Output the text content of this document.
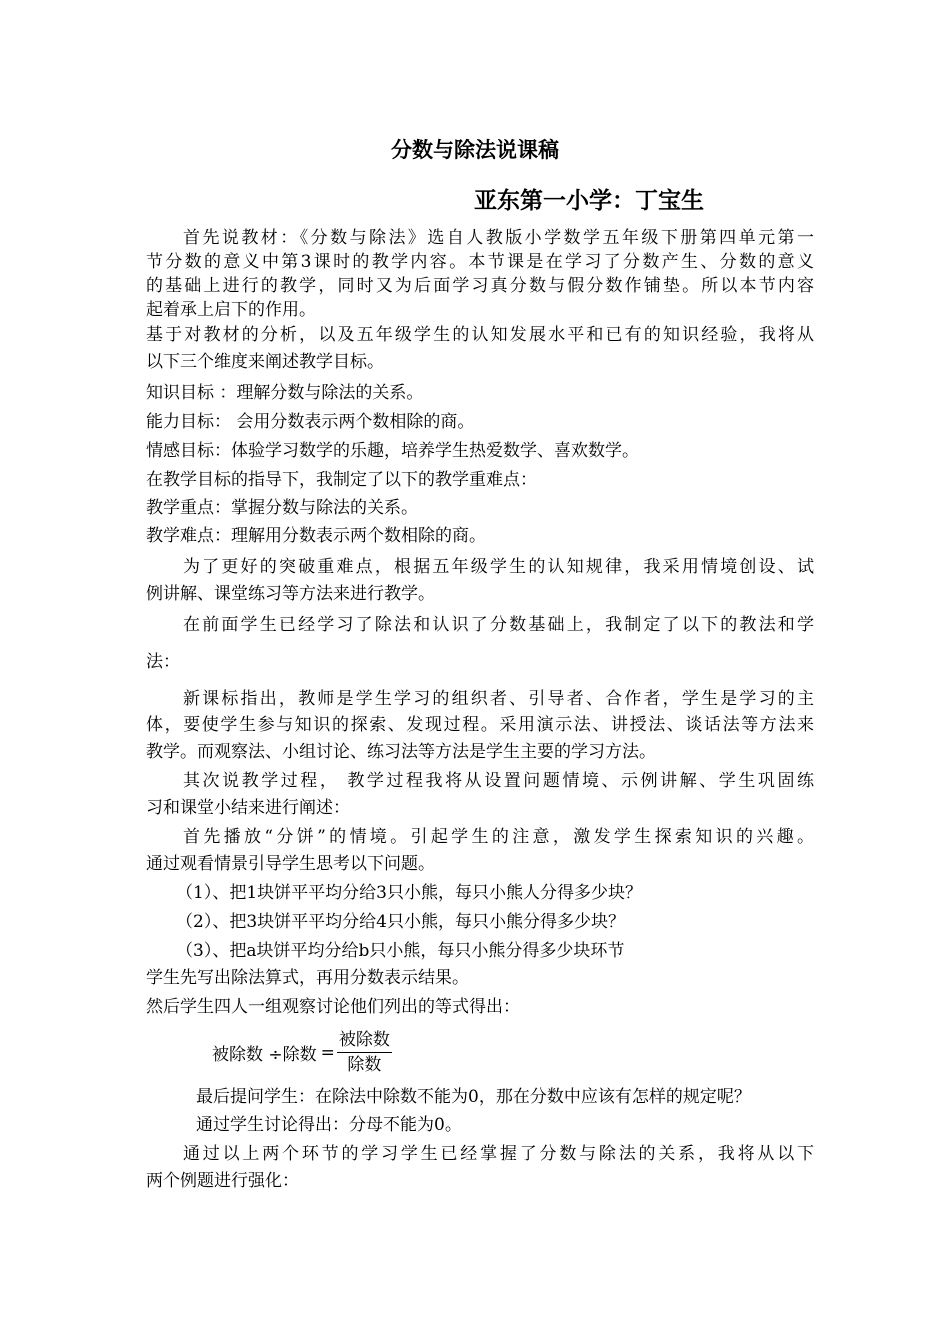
分数与除法说课稿
亚东第一小学：丁宝生

首先说教材：《分数与除法》选自人教版小学数学五年级下册第四单元第一

节分数的意义中第3课时的教学内容。本节课是在学习了分数产生、分数的意义

的基础上进行的教学，同时又为后面学习真分数与假分数作铺垫。所以本节内容

起着承上启下的作用。

基于对教材的分析，以及五年级学生的认知发展水平和已有的知识经验，我将从

以下三个维度来阐述教学目标。

知识目标 ：理解分数与除法的关系。

能力目标： 会用分数表示两个数相除的商。

情感目标：体验学习数学的乐趣，培养学生热爱数学、喜欢数学。

在教学目标的指导下，我制定了以下的教学重难点：

教学重点：掌握分数与除法的关系。

教学难点：理解用分数表示两个数相除的商。

为了更好的突破重难点，根据五年级学生的认知规律，我采用情境创设、试

例讲解、课堂练习等方法来进行教学。

在前面学生已经学习了除法和认识了分数基础上，我制定了以下的教法和学

法：

新课标指出，教师是学生学习的组织者、引导者、合作者，学生是学习的主

体，要使学生参与知识的探索、发现过程。采用演示法、讲授法、谈话法等方法来

教学。而观察法、小组讨论、练习法等方法是学生主要的学习方法。

其次说教学过程， 教学过程我将从设置问题情境、示例讲解、学生巩固练

习和课堂小结来进行阐述：

首先播放“分饼”的情境。引起学生的注意，激发学生探索知识的兴趣。

通过观看情景引导学生思考以下问题。

（1）、把1块饼平平均分给3只小熊，每只小熊人分得多少块？

（2）、把3块饼平平均分给4只小熊，每只小熊分得多少块？

（3）、把a块饼平均分给b只小熊，每只小熊分得多少块环节

学生先写出除法算式，再用分数表示结果。

然后学生四人一组观察讨论他们列出的等式得出：

被除数 ÷除数 = $\frac{\text{被除数}}{\text{除数}}$

最后提问学生：在除法中除数不能为0，那在分数中应该有怎样的规定呢？

通过学生讨论得出：分母不能为0。

通过以上两个环节的学习学生已经掌握了分数与除法的关系，我将从以下

两个例题进行强化：
